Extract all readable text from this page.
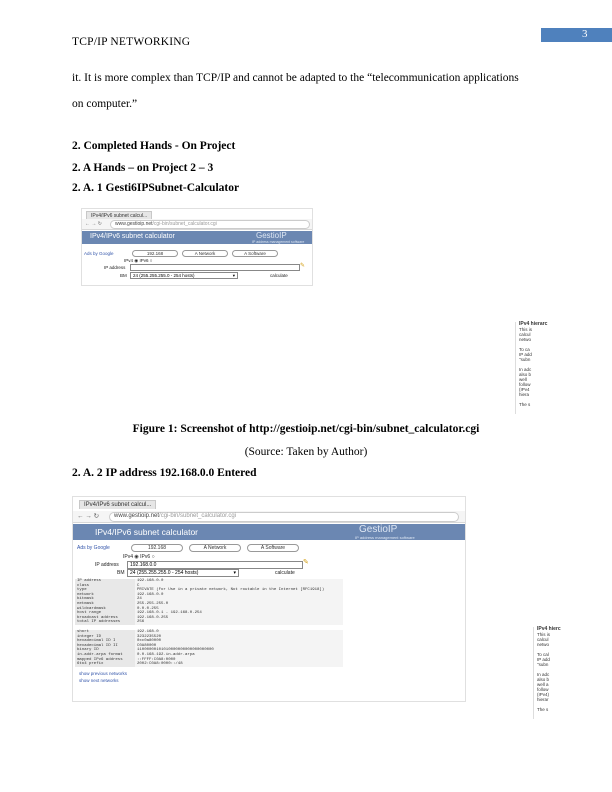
TCP/IP NETWORKING
3
it. It is more complex than TCP/IP and cannot be adapted to the “telecommunication applications
on computer.”
2. Completed Hands - On Project
2. A Hands – on Project 2 – 3
2. A. 1 Gesti6IPSubnet-Calculator
IPv4/IPv6 subnet calcul...
← → ↻	www.gestioip.net/cgi-bin/subnet_calculator.cgi
IPv4/IPv6 subnet calculator	GestioIP
IP address management software
Ads by Google	192.168	A Network	A Software
IPv4 ◉ IPv6 ○
IP address	✎
BM	24 (255.255.255.0 - 254 hosts)	▾	calculate
IPv4 hierarc
This is
calcul
netwo

To ca
IP add
"subn

In adc
also b
well
follow
(IPv4
hiera

The s
Figure 1: Screenshot of http://gestioip.net/cgi-bin/subnet_calculator.cgi
(Source: Taken by Author)
2. A. 2 IP address 192.168.0.0 Entered
IPv4/IPv6 subnet calcul...
← → ↻	www.gestioip.net/cgi-bin/subnet_calculator.cgi
IPv4/IPv6 subnet calculator	GestioIP
IP address management software
Ads by Google	192.168	A Network	A Software
IPv4 ◉ IPv6 ○
IP address	192.168.0.0	✎
BM	24 (255.255.255.0 - 254 hosts)	▾	calculate
IP address	192.168.0.0
class	C
type	PRIVATE (For Use in a private network, Not routable in the Internet [RFC1918])
network	192.168.0.0
bitmask	24
netmask	255.255.255.0
wildcardmask	0.0.0.255
host range	192.168.0.1 - 192.168.0.254
broadcast address	192.168.0.255
total IP addresses	256
short	192.168.0
integer ID	3232235520
hexadecimal ID I	0xc0a80000
hexadecimal ID II	C0A80000
binary ID	11000000101010000000000000000000
in-addr.arpa format	0.0.168.192.in-addr.arpa
mapped IPv6 address	::FFFF:C0A8:0000
6to4 prefix	2002:C0A8:0000::/48
show previous networks
show next networks
IPv4 hierc
This is
calcul
netwo

To cal
IP add
"subn

In adc
also b
well a
follow
(IPv4)
hierar

The s
